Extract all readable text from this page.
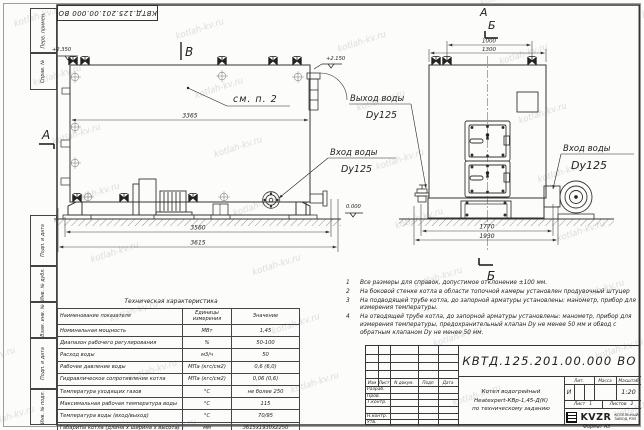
3365
3560
3615
1000
1300
1770
1930
В
А
+2.350
+2.150
0.000
см. п. 2
Вход воды
Dy125
Выход воды
Dy125
Вход воды
Dy125
А
Б
Б
КВТД.125.201.00.000 ВО
Перв. примен.
Справ. №
Подп. и дата
Инв. № дубл.
Взам. инв. №
Подп. и дата
Инв. № подл.
Техническая характеристика
Наименование показателя	Единицы измерения	Значение
Номинальная мощность	МВт	1,45
Диапазон рабочего регулирования	%	50-100
Расход воды	м3/ч	50
Рабочее давление воды	МПа (кгс/см2)	0,6 (6,0)
Гидравлическое сопротивление котла	МПа (кгс/см2)	0,06 (0,6)
Температура уходящих газов	°С	не более 250
Максимальная рабочая температура воды	°С	115
Температура воды (вход/выход)	°С	70/95
Габариты котла (длина х ширина х высота)	мм	3615х1930х2250
1	Все размеры для справок, допустимое отклонение ±100 мм.
2	На боковой стенке котла в области топочной камеры установлен продувочный штуцер
3	На подводящей трубе котла, до запорной арматуры установлены: манометр, прибор для измерения температуры.
4	На отводящей трубе котла, до запорной арматуры установлены: манометр, прибор для измерения температуры, предохранительный клапан Dу не менее 50 мм и обвод с обратным клапаном Dу не менее 50 мм.
КВТД.125.201.00.000 ВО
Изм Лист	N докум.	Подп	Дата
Разраб.
Пров.
Т.контр.
Н.контр.
Утв.
Котел водогрейный
Heatexpert-КВр-1,45-Д(К)
по техническому заданию
Лит.	Масса	Масштаб
И	1:20
Лист 1	Листов 2
KVZR КОТЕЛЬНЫЙ
ЗАВОД РЭП
Формат А3
